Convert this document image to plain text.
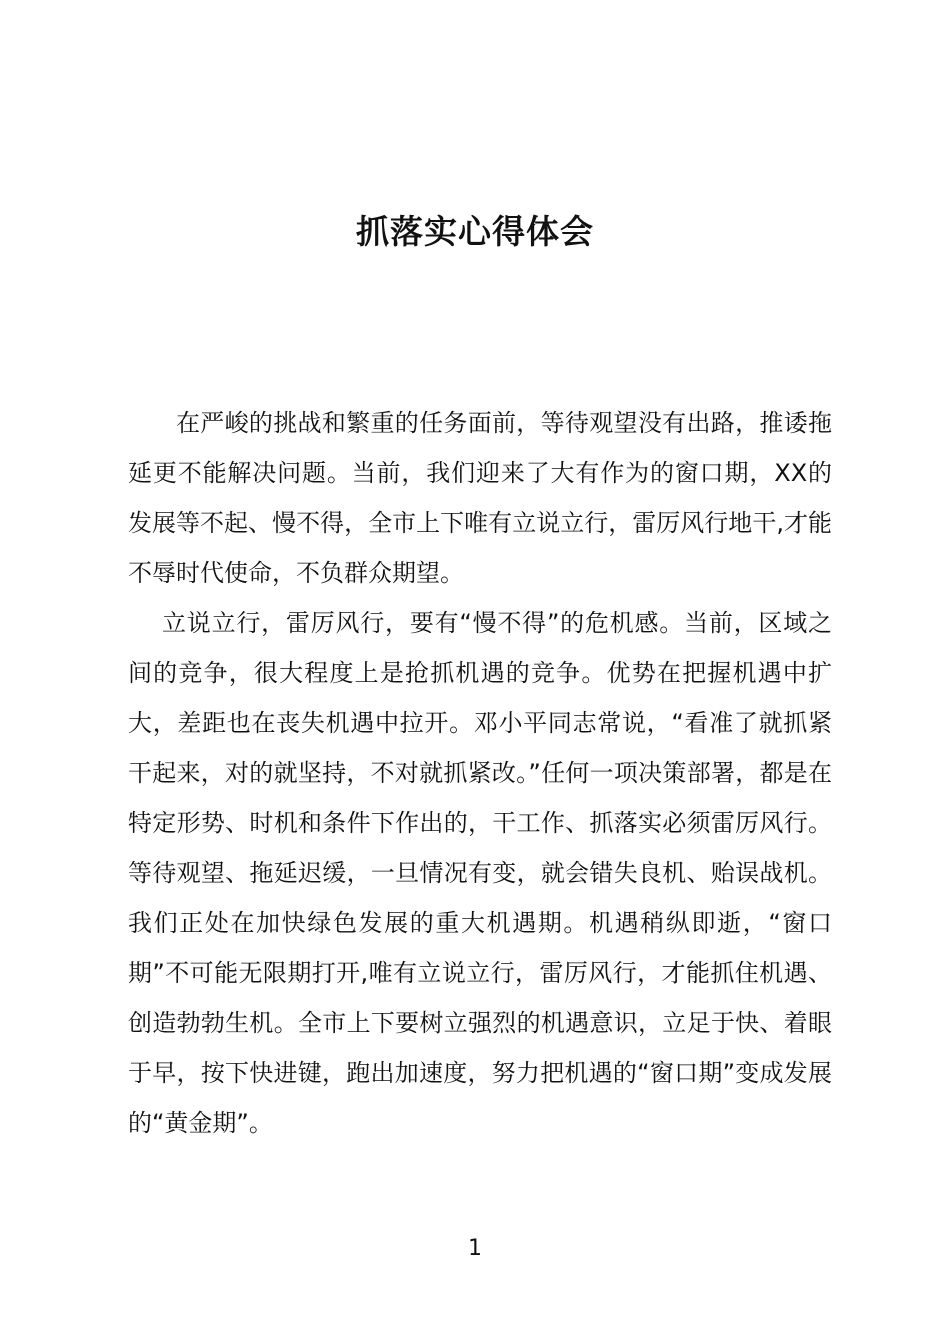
抓落实心得体会

在严峻的挑战和繁重的任务面前，等待观望没有出路，推诿拖延更不能解决问题。当前，我们迎来了大有作为的窗口期，XX的发展等不起、慢不得，全市上下唯有立说立行，雷厉风行地干,才能不辱时代使命，不负群众期望。

立说立行，雷厉风行，要有“慢不得”的危机感。当前，区域之间的竞争，很大程度上是抢抓机遇的竞争。优势在把握机遇中扩大，差距也在丧失机遇中拉开。邓小平同志常说，“看准了就抓紧干起来，对的就坚持，不对就抓紧改。”任何一项决策部署，都是在特定形势、时机和条件下作出的，干工作、抓落实必须雷厉风行。等待观望、拖延迟缓，一旦情况有变，就会错失良机、贻误战机。我们正处在加快绿色发展的重大机遇期。机遇稍纵即逝，“窗口期”不可能无限期打开,唯有立说立行，雷厉风行，才能抓住机遇、创造勃勃生机。全市上下要树立强烈的机遇意识，立足于快、着眼于早，按下快进键，跑出加速度，努力把机遇的“窗口期”变成发展的“黄金期”。

1
